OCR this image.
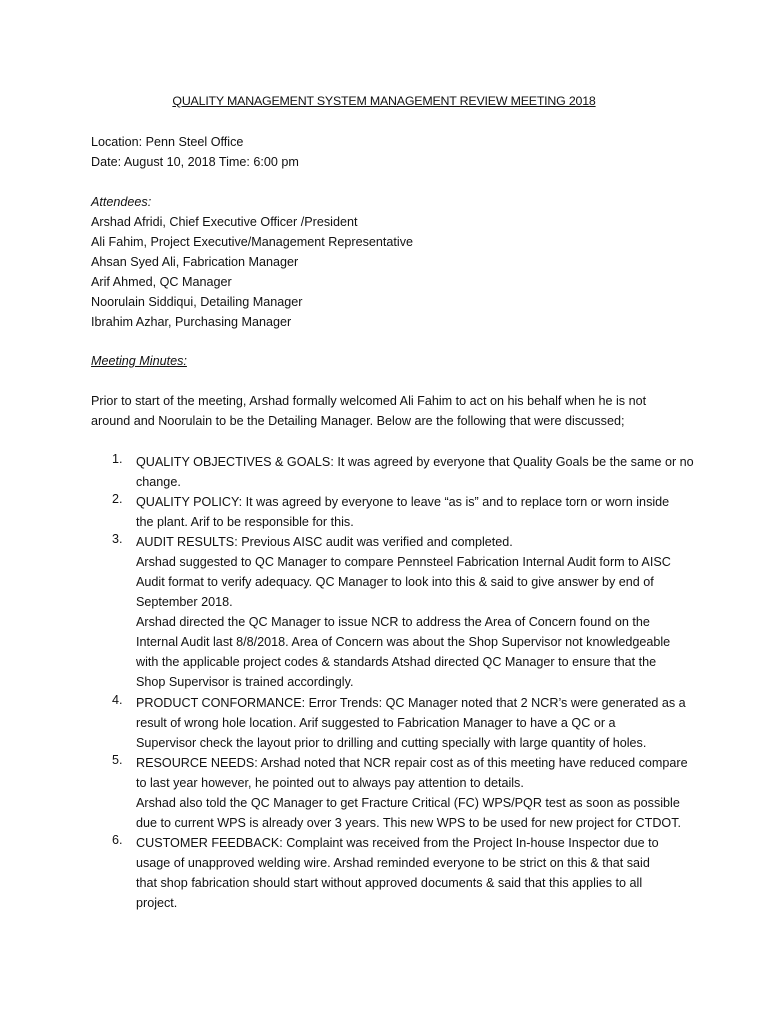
QUALITY MANAGEMENT SYSTEM MANAGEMENT REVIEW MEETING 2018
Location: Penn Steel Office
Date: August 10, 2018 Time: 6:00 pm
Attendees:
Arshad Afridi, Chief Executive Officer /President
Ali Fahim, Project Executive/Management Representative
Ahsan Syed Ali, Fabrication Manager
Arif Ahmed, QC Manager
Noorulain Siddiqui, Detailing Manager
Ibrahim Azhar, Purchasing Manager
Meeting Minutes:
Prior to start of the meeting, Arshad formally welcomed Ali Fahim to act on his behalf when he is not
around and Noorulain to be the Detailing Manager. Below are the following that were discussed;
1.	QUALITY OBJECTIVES & GOALS: It was agreed by everyone that Quality Goals be the same or no
change.
2.	QUALITY POLICY: It was agreed by everyone to leave “as is” and to replace torn or worn inside
the plant. Arif to be responsible for this.
3.	AUDIT RESULTS: Previous AISC audit was verified and completed.
Arshad suggested to QC Manager to compare Pennsteel Fabrication Internal Audit form to AISC
Audit format to verify adequacy. QC Manager to look into this & said to give answer by end of
September 2018.
Arshad directed the QC Manager to issue NCR to address the Area of Concern found on the
Internal Audit last 8/8/2018. Area of Concern was about the Shop Supervisor not knowledgeable
with the applicable project codes & standards Atshad directed QC Manager to ensure that the
Shop Supervisor is trained accordingly.
4.	PRODUCT CONFORMANCE: Error Trends: QC Manager noted that 2 NCR’s were generated as a
result of wrong hole location. Arif suggested to Fabrication Manager to have a QC or a
Supervisor check the layout prior to drilling and cutting specially with large quantity of holes.
5.	RESOURCE NEEDS: Arshad noted that NCR repair cost as of this meeting have reduced compare
to last year however, he pointed out to always pay attention to details.
Arshad also told the QC Manager to get Fracture Critical (FC) WPS/PQR test as soon as possible
due to current WPS is already over 3 years. This new WPS to be used for new project for CTDOT.
6.	CUSTOMER FEEDBACK: Complaint was received from the Project In-house Inspector due to
usage of unapproved welding wire. Arshad reminded everyone to be strict on this & that said
that shop fabrication should start without approved documents & said that this applies to all
project.
